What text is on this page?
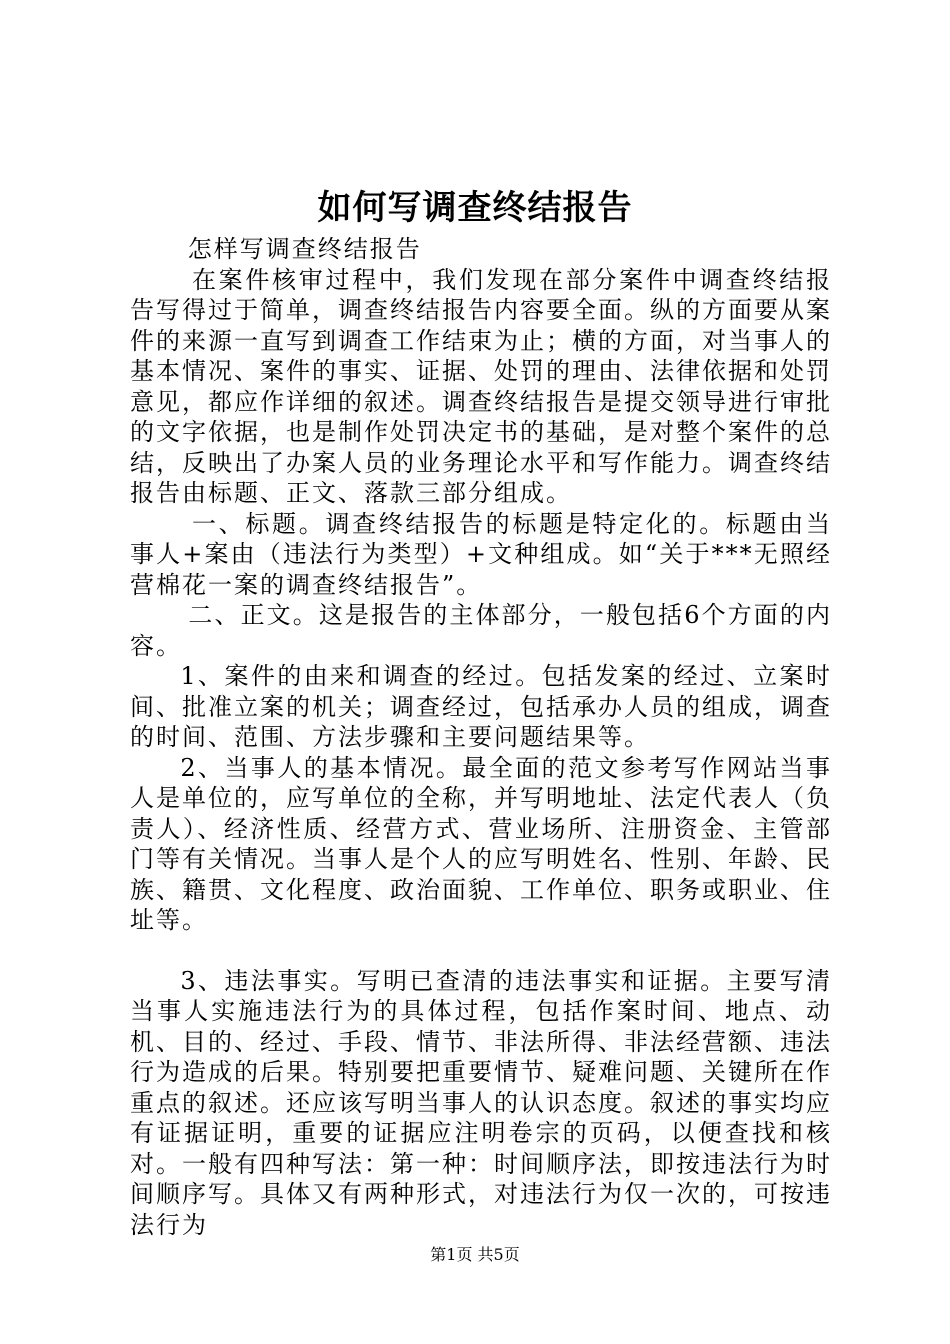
如何写调查终结报告

怎样写调查终结报告

在案件核审过程中，我们发现在部分案件中调查终结报告写得过于简单，调查终结报告内容要全面。纵的方面要从案件的来源一直写到调查工作结束为止；横的方面，对当事人的基本情况、案件的事实、证据、处罚的理由、法律依据和处罚意见，都应作详细的叙述。调查终结报告是提交领导进行审批的文字依据，也是制作处罚决定书的基础，是对整个案件的总结，反映出了办案人员的业务理论水平和写作能力。调查终结报告由标题、正文、落款三部分组成。

一、标题。调查终结报告的标题是特定化的。标题由当事人+案由（违法行为类型）+文种组成。如“关于***无照经营棉花一案的调查终结报告”。

二、正文。这是报告的主体部分，一般包括6个方面的内容。

1、案件的由来和调查的经过。包括发案的经过、立案时间、批准立案的机关；调查经过，包括承办人员的组成，调查的时间、范围、方法步骤和主要问题结果等。

2、当事人的基本情况。最全面的范文参考写作网站当事人是单位的，应写单位的全称，并写明地址、法定代表人（负责人）、经济性质、经营方式、营业场所、注册资金、主管部门等有关情况。当事人是个人的应写明姓名、性别、年龄、民族、籍贯、文化程度、政治面貌、工作单位、职务或职业、住址等。

3、违法事实。写明已查清的违法事实和证据。主要写清当事人实施违法行为的具体过程，包括作案时间、地点、动机、目的、经过、手段、情节、非法所得、非法经营额、违法行为造成的后果。特别要把重要情节、疑难问题、关键所在作重点的叙述。还应该写明当事人的认识态度。叙述的事实均应有证据证明，重要的证据应注明卷宗的页码，以便查找和核对。一般有四种写法：第一种：时间顺序法，即按违法行为时间顺序写。具体又有两种形式，对违法行为仅一次的，可按违法行为

第1页 共5页
